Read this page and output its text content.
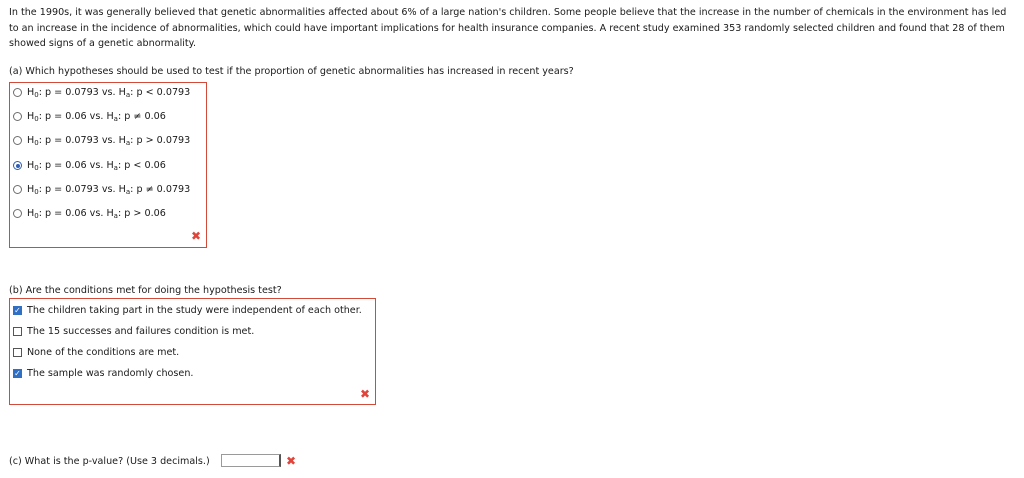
In the 1990s, it was generally believed that genetic abnormalities affected about 6% of a large nation's children. Some people believe that the increase in the number of chemicals in the environment has led to an increase in the incidence of abnormalities, which could have important implications for health insurance companies. A recent study examined 353 randomly selected children and found that 28 of them showed signs of a genetic abnormality.
(a) Which hypotheses should be used to test if the proportion of genetic abnormalities has increased in recent years?
$H_0$: p = 0.0793 vs. $H_a$: p < 0.0793
$H_0$: p = 0.06 vs. $H_a$: p ≠ 0.06
$H_0$: p = 0.0793 vs. $H_a$: p > 0.0793
$H_0$: p = 0.06 vs. $H_a$: p < 0.06
$H_0$: p = 0.0793 vs. $H_a$: p ≠ 0.0793
$H_0$: p = 0.06 vs. $H_a$: p > 0.06
✖
(b) Are the conditions met for doing the hypothesis test?
✓ The children taking part in the study were independent of each other.
The 15 successes and failures condition is met.
None of the conditions are met.
✓ The sample was randomly chosen.
✖
(c) What is the p-value? (Use 3 decimals.)	✖
